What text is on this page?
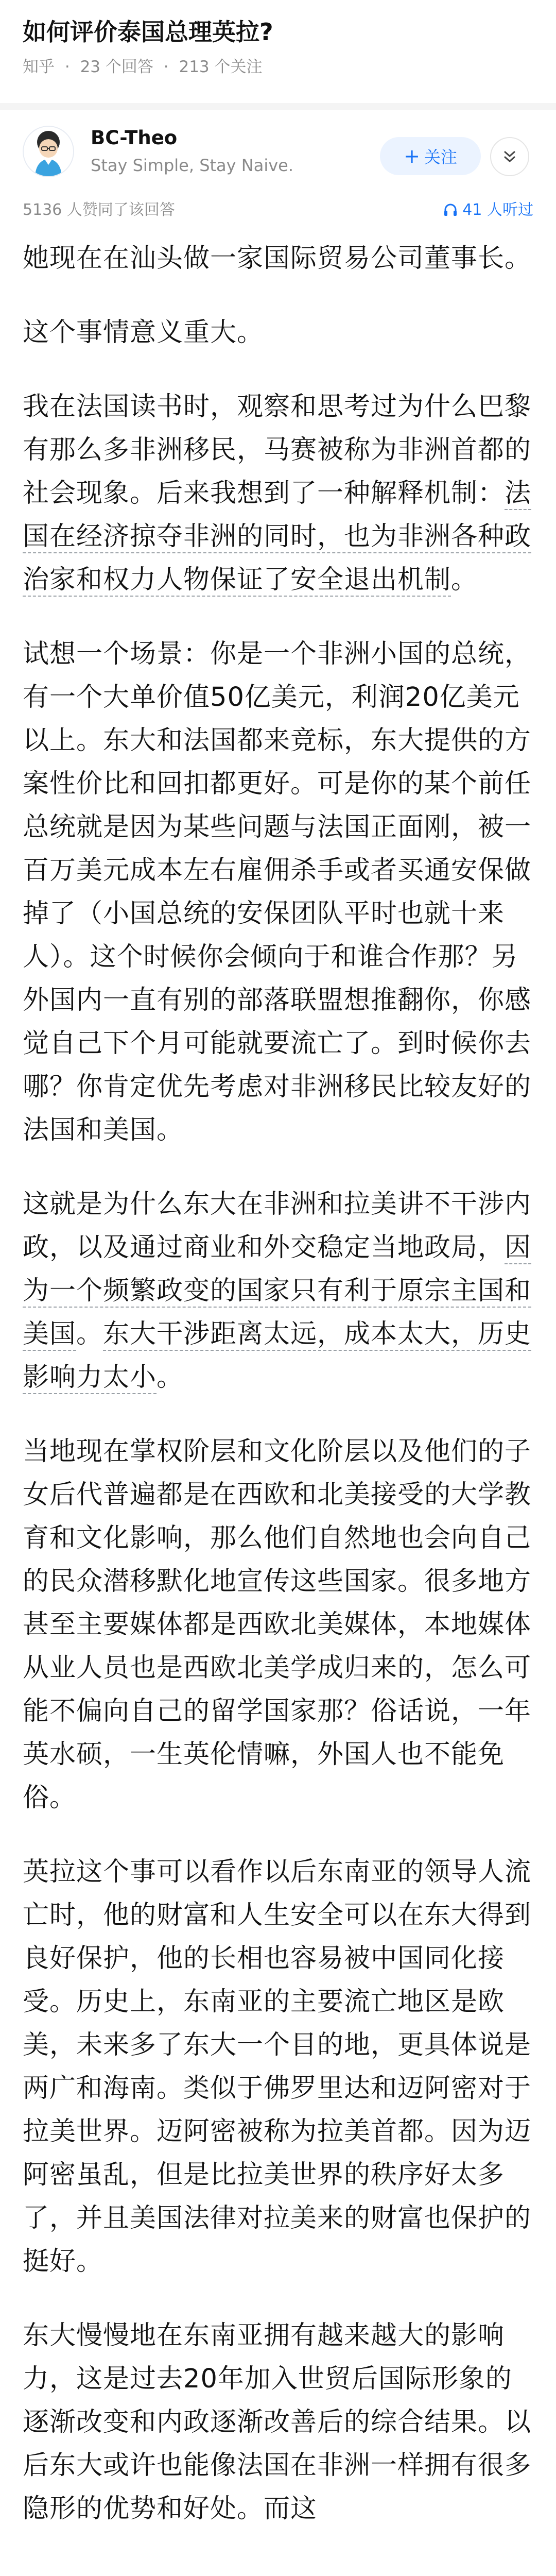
如何评价泰国总理英拉?
知乎 · 23 个回答 · 213 个关注
BC-Theo
Stay Simple, Stay Naive.	+ 关注
5136 人赞同了该回答	41 人听过

她现在在汕头做一家国际贸易公司董事长。

这个事情意义重大。

我在法国读书时，观察和思考过为什么巴黎有那么多非洲移民，马赛被称为非洲首都的社会现象。后来我想到了一种解释机制：法国在经济掠夺非洲的同时，也为非洲各种政治家和权力人物保证了安全退出机制。

试想一个场景：你是一个非洲小国的总统，有一个大单价值50亿美元，利润20亿美元以上。东大和法国都来竞标，东大提供的方案性价比和回扣都更好。可是你的某个前任总统就是因为某些问题与法国正面刚，被一百万美元成本左右雇佣杀手或者买通安保做掉了（小国总统的安保团队平时也就十来人）。这个时候你会倾向于和谁合作那？另外国内一直有别的部落联盟想推翻你，你感觉自己下个月可能就要流亡了。到时候你去哪？你肯定优先考虑对非洲移民比较友好的法国和美国。

这就是为什么东大在非洲和拉美讲不干涉内政，以及通过商业和外交稳定当地政局，因为一个频繁政变的国家只有利于原宗主国和美国。东大干涉距离太远，成本太大，历史影响力太小。

当地现在掌权阶层和文化阶层以及他们的子女后代普遍都是在西欧和北美接受的大学教育和文化影响，那么他们自然地也会向自己的民众潜移默化地宣传这些国家。很多地方甚至主要媒体都是西欧北美媒体，本地媒体从业人员也是西欧北美学成归来的，怎么可能不偏向自己的留学国家那？俗话说，一年英水硕，一生英伦情嘛，外国人也不能免俗。

英拉这个事可以看作以后东南亚的领导人流亡时，他的财富和人生安全可以在东大得到良好保护，他的长相也容易被中国同化接受。历史上，东南亚的主要流亡地区是欧美，未来多了东大一个目的地，更具体说是两广和海南。类似于佛罗里达和迈阿密对于拉美世界。迈阿密被称为拉美首都。因为迈阿密虽乱，但是比拉美世界的秩序好太多了，并且美国法律对拉美来的财富也保护的挺好。

东大慢慢地在东南亚拥有越来越大的影响力，这是过去20年加入世贸后国际形象的逐渐改变和内政逐渐改善后的综合结果。以后东大或许也能像法国在非洲一样拥有很多隐形的优势和好处。而这
